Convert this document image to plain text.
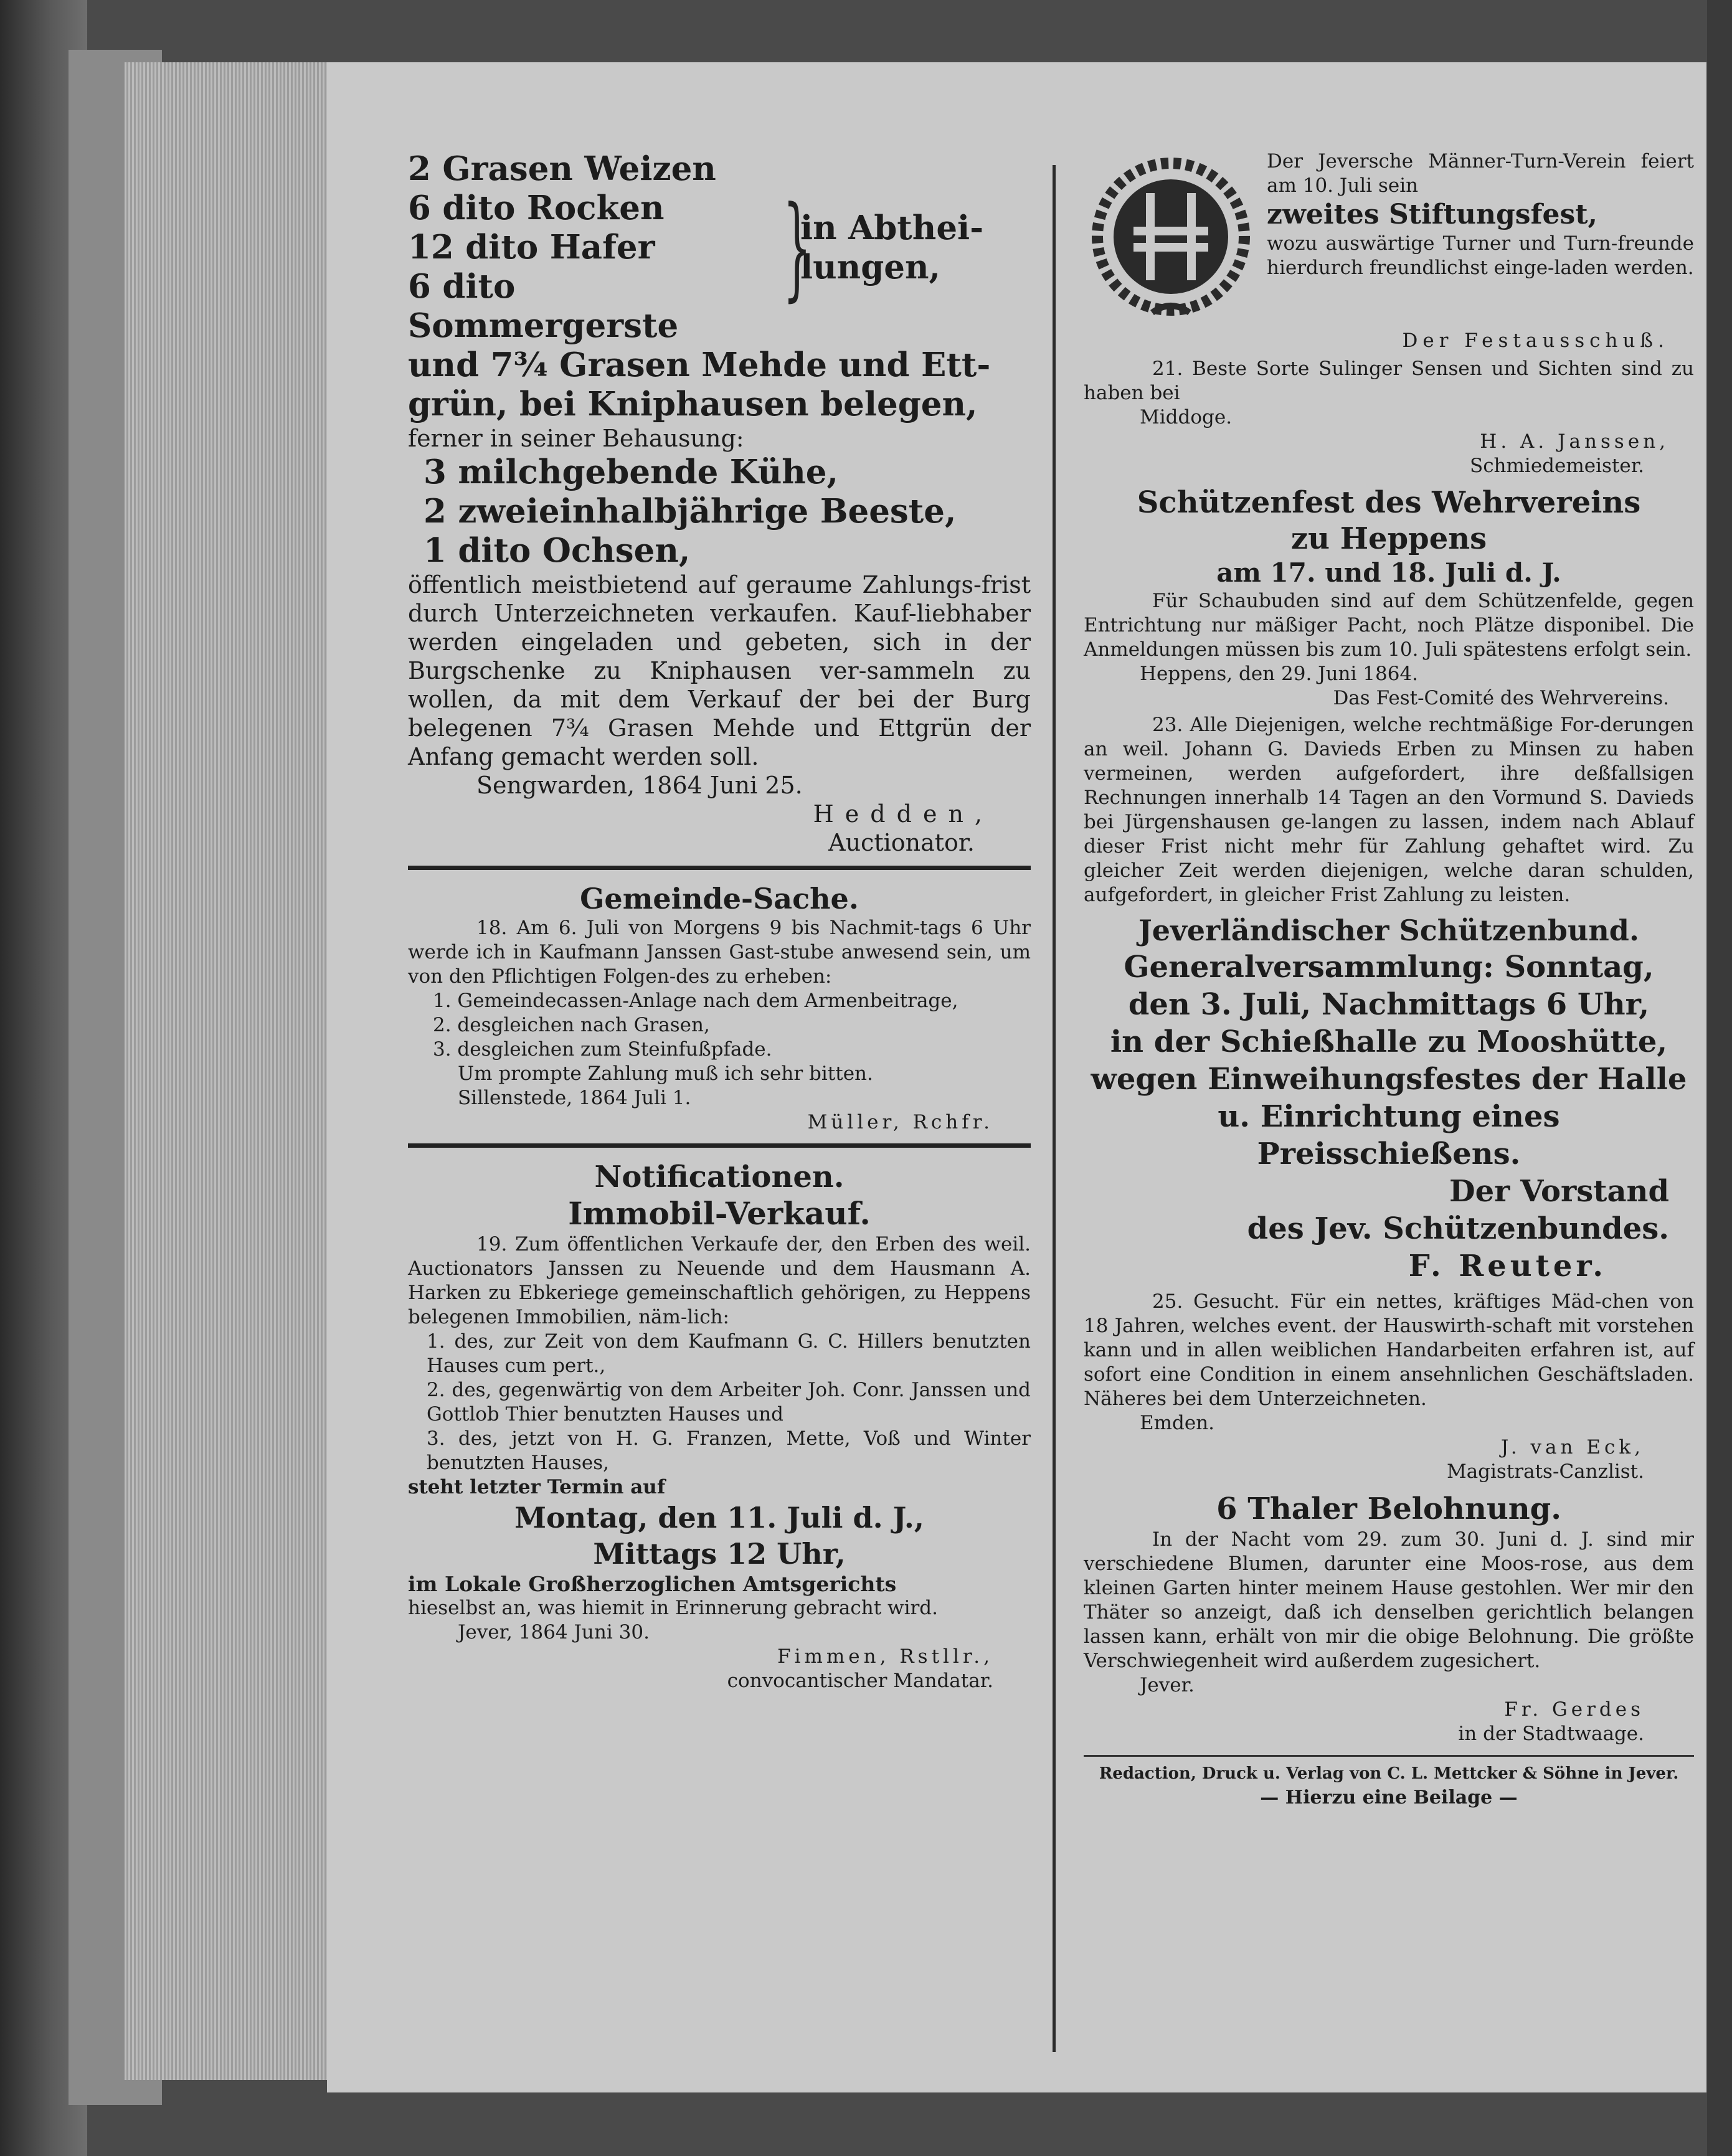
2 Grasen Weizen
6 dito Rocken
12 dito Hafer
6 dito Sommergerste
}
in Abthei- lungen,
und 7¾ Grasen Mehde und Ett-
grün, bei Kniphausen belegen,
ferner in seiner Behausung:
3 milchgebende Kühe,
2 zweieinhalbjährige Beeste,
1 dito Ochsen,

öffentlich meistbietend auf geraume Zahlungs-frist durch Unterzeichneten verkaufen. Kauf-liebhaber werden eingeladen und gebeten, sich in der Burgschenke zu Kniphausen ver-sammeln zu wollen, da mit dem Verkauf der bei der Burg belegenen 7¾ Grasen Mehde und Ettgrün der Anfang gemacht werden soll.

Sengwarden, 1864 Juni 25.
Hedden,
Auctionator.
Gemeinde-Sache.

18. Am 6. Juli von Morgens 9 bis Nachmit-tags 6 Uhr werde ich in Kaufmann Janssen Gast-stube anwesend sein, um von den Pflichtigen Folgen-des zu erheben:

1. Gemeindecassen-Anlage nach dem Armenbeitrage,
2. desgleichen nach Grasen,
3. desgleichen zum Steinfußpfade.
Um prompte Zahlung muß ich sehr bitten.
Sillenstede, 1864 Juli 1.
Müller, Rchfr.
Notificationen.
Immobil-Verkauf.

19. Zum öffentlichen Verkaufe der, den Erben des weil. Auctionators Janssen zu Neuende und dem Hausmann A. Harken zu Ebkeriege gemeinschaftlich gehörigen, zu Heppens belegenen Immobilien, näm-lich:

1. des, zur Zeit von dem Kaufmann G. C. Hillers benutzten Hauses cum pert.,
2. des, gegenwärtig von dem Arbeiter Joh. Conr. Janssen und Gottlob Thier benutzten Hauses und
3. des, jetzt von H. G. Franzen, Mette, Voß und Winter benutzten Hauses,
steht letzter Termin auf
Montag, den 11. Juli d. J.,
Mittags 12 Uhr,
im Lokale Großherzoglichen Amtsgerichts

hieselbst an, was hiemit in Erinnerung gebracht wird.

Jever, 1864 Juni 30.
Fimmen, Rstllr.,
convocantischer Mandatar.

Der Jeversche Männer-Turn-Verein feiert am 10. Juli sein

zweites Stiftungsfest,

wozu auswärtige Turner und Turn-freunde hierdurch freundlichst einge-laden werden.

Der Festausschuß.

21. Beste Sorte Sulinger Sensen und Sichten sind zu haben bei

Middoge.
H. A. Janssen,
Schmiedemeister.
Schützenfest des Wehrvereins
zu Heppens
am 17. und 18. Juli d. J.

Für Schaubuden sind auf dem Schützenfelde, gegen Entrichtung nur mäßiger Pacht, noch Plätze disponibel. Die Anmeldungen müssen bis zum 10. Juli spätestens erfolgt sein.

Heppens, den 29. Juni 1864.
Das Fest-Comité des Wehrvereins.

23. Alle Diejenigen, welche rechtmäßige For-derungen an weil. Johann G. Davieds Erben zu Minsen zu haben vermeinen, werden aufgefordert, ihre deßfallsigen Rechnungen innerhalb 14 Tagen an den Vormund S. Davieds bei Jürgenshausen ge-langen zu lassen, indem nach Ablauf dieser Frist nicht mehr für Zahlung gehaftet wird. Zu gleicher Zeit werden diejenigen, welche daran schulden, aufgefordert, in gleicher Frist Zahlung zu leisten.

Jeverländischer Schützenbund.
Generalversammlung: Sonntag,
den 3. Juli, Nachmittags 6 Uhr,
in der Schießhalle zu Mooshütte,
wegen Einweihungsfestes der Halle
u. Einrichtung eines Preisschießens.
Der Vorstand
des Jev. Schützenbundes.
F. Reuter.

25. Gesucht. Für ein nettes, kräftiges Mäd-chen von 18 Jahren, welches event. der Hauswirth-schaft mit vorstehen kann und in allen weiblichen Handarbeiten erfahren ist, auf sofort eine Condition in einem ansehnlichen Geschäftsladen. Näheres bei dem Unterzeichneten.

Emden.
J. van Eck,
Magistrats-Canzlist.
6 Thaler Belohnung.

In der Nacht vom 29. zum 30. Juni d. J. sind mir verschiedene Blumen, darunter eine Moos-rose, aus dem kleinen Garten hinter meinem Hause gestohlen. Wer mir den Thäter so anzeigt, daß ich denselben gerichtlich belangen lassen kann, erhält von mir die obige Belohnung. Die größte Verschwiegenheit wird außerdem zugesichert.

Jever.
Fr. Gerdes
in der Stadtwaage.
Redaction, Druck u. Verlag von C. L. Mettcker & Söhne in Jever.
— Hierzu eine Beilage —
